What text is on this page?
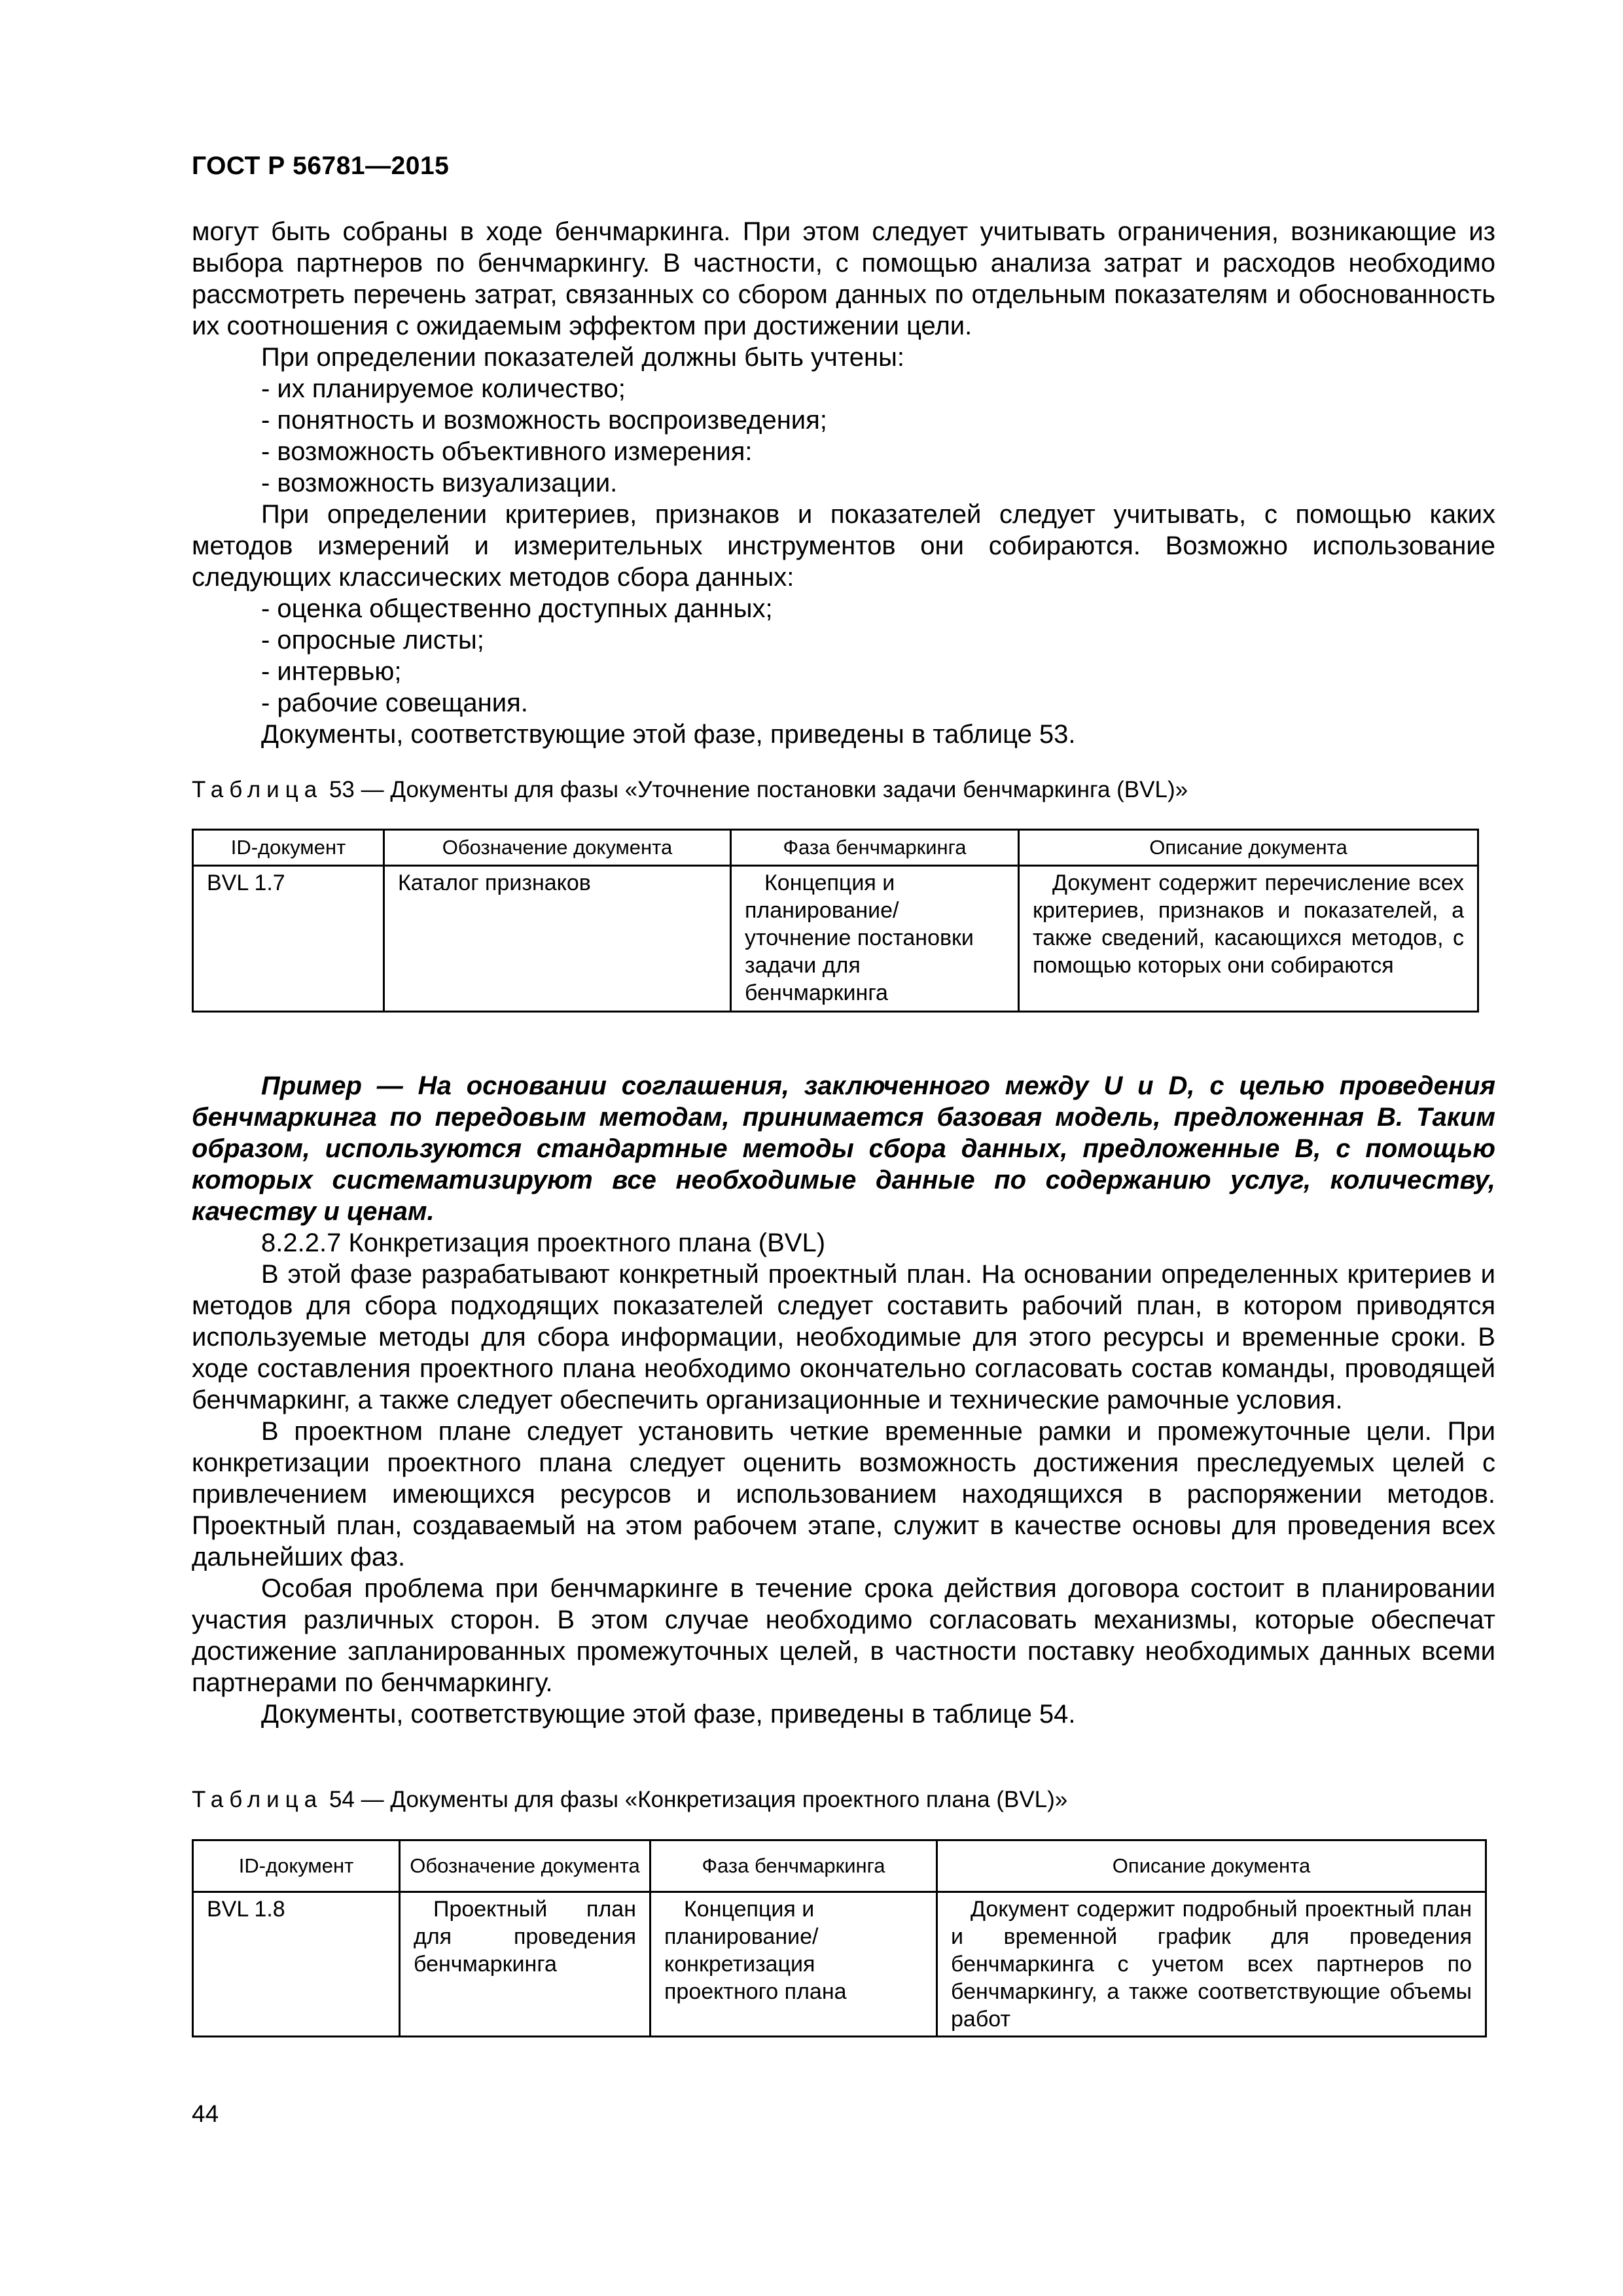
ГОСТ Р 56781—2015

могут быть собраны в ходе бенчмаркинга. При этом следует учитывать ограничения, возникающие из выбора партнеров по бенчмаркингу. В частности, с помощью анализа затрат и расходов необходимо рассмотреть перечень затрат, связанных со сбором данных по отдельным показателям и обоснованность их соотношения с ожидаемым эффектом при достижении цели.

При определении показателей должны быть учтены:

- их планируемое количество;

- понятность и возможность воспроизведения;

- возможность объективного измерения:

- возможность визуализации.

При определении критериев, признаков и показателей следует учитывать, с помощью каких методов измерений и измерительных инструментов они собираются. Возможно использование следующих классических методов сбора данных:

- оценка общественно доступных данных;

- опросные листы;

- интервью;

- рабочие совещания.

Документы, соответствующие этой фазе, приведены в таблице 53.

Таблица 53 — Документы для фазы «Уточнение постановки задачи бенчмаркинга (BVL)»
ID-документ	Обозначение документа	Фаза бенчмаркинга	Описание документа
BVL 1.7	Каталог признаков	Концепция и планирование/ уточнение постановки задачи для бенчмаркинга	Документ содержит перечисление всех критериев, признаков и показателей, а также сведений, касающихся методов, с помощью которых они собираются

Пример — На основании соглашения, заключенного между U и D, с целью проведения бенчмаркинга по передовым методам, принимается базовая модель, предложенная В. Таким образом, используются стандартные методы сбора данных, предложенные В, с помощью которых систематизируют все необходимые данные по содержанию услуг, количеству, качеству и ценам.

8.2.2.7 Конкретизация проектного плана (BVL)

В этой фазе разрабатывают конкретный проектный план. На основании определенных критериев и методов для сбора подходящих показателей следует составить рабочий план, в котором приводятся используемые методы для сбора информации, необходимые для этого ресурсы и временные сроки. В ходе составления проектного плана необходимо окончательно согласовать состав команды, проводящей бенчмаркинг, а также следует обеспечить организационные и технические рамочные условия.

В проектном плане следует установить четкие временные рамки и промежуточные цели. При конкретизации проектного плана следует оценить возможность достижения преследуемых целей с привлечением имеющихся ресурсов и использованием находящихся в распоряжении методов. Проектный план, создаваемый на этом рабочем этапе, служит в качестве основы для проведения всех дальнейших фаз.

Особая проблема при бенчмаркинге в течение срока действия договора состоит в планировании участия различных сторон. В этом случае необходимо согласовать механизмы, которые обеспечат достижение запланированных промежуточных целей, в частности поставку необходимых данных всеми партнерами по бенчмаркингу.

Документы, соответствующие этой фазе, приведены в таблице 54.

Таблица 54 — Документы для фазы «Конкретизация проектного плана (BVL)»
ID-документ	Обозначение документа	Фаза бенчмаркинга	Описание документа
BVL 1.8	Проектный план для проведения бенчмаркинга	Концепция и планирование/ конкретизация проектного плана	Документ содержит подробный проектный план и временной график для проведения бенчмаркинга с учетом всех партнеров по бенчмаркингу, а также соответствующие объемы работ
44
